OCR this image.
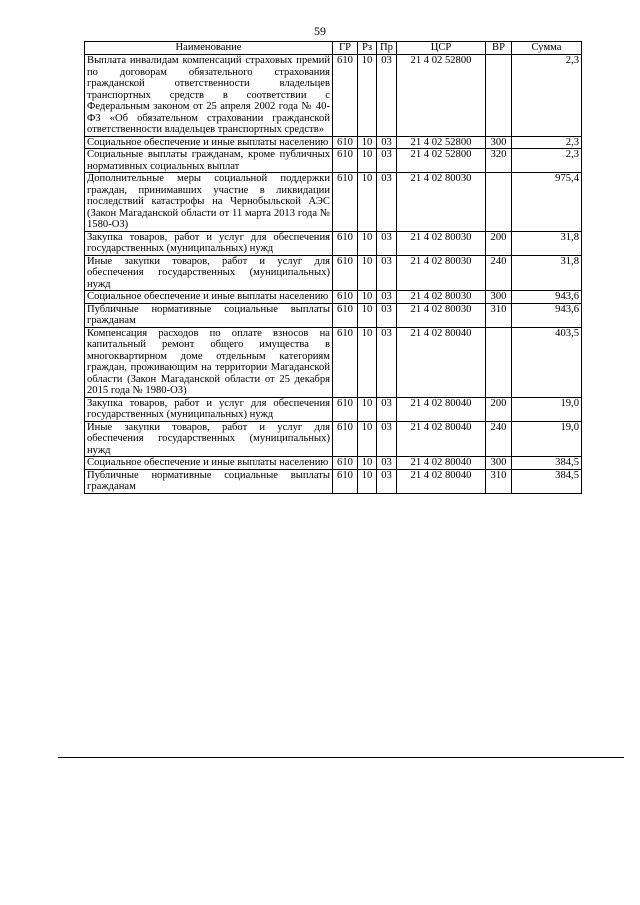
59
Наименование	ГР	Рз	Пр	ЦСР	ВР	Сумма
Выплата инвалидам компенсаций страховых премий по договорам обязательного страхования гражданской ответственности владельцев транспортных средств в соответствии с Федеральным законом от 25 апреля 2002 года № 40-ФЗ «Об обязательном страховании гражданской ответственности владельцев транспортных средств»	610	10	03	21 4 02 52800		2,3
Социальное обеспечение и иные выплаты населению	610	10	03	21 4 02 52800	300	2,3
Социальные выплаты гражданам, кроме публичных нормативных социальных выплат	610	10	03	21 4 02 52800	320	2,3
Дополнительные меры социальной поддержки граждан, принимавших участие в ликвидации последствий катастрофы на Чернобыльской АЭС (Закон Магаданской области от 11 марта 2013 года № 1580-ОЗ)	610	10	03	21 4 02 80030		975,4
Закупка товаров, работ и услуг для обеспечения государственных (муниципальных) нужд	610	10	03	21 4 02 80030	200	31,8
Иные закупки товаров, работ и услуг для обеспечения государственных (муниципальных) нужд	610	10	03	21 4 02 80030	240	31,8
Социальное обеспечение и иные выплаты населению	610	10	03	21 4 02 80030	300	943,6
Публичные нормативные социальные выплаты гражданам	610	10	03	21 4 02 80030	310	943,6
Компенсация расходов по оплате взносов на капитальный ремонт общего имущества в многоквартирном доме отдельным категориям граждан, проживающим на территории Магаданской области (Закон Магаданской области от 25 декабря 2015 года № 1980-ОЗ)	610	10	03	21 4 02 80040		403,5
Закупка товаров, работ и услуг для обеспечения государственных (муниципальных) нужд	610	10	03	21 4 02 80040	200	19,0
Иные закупки товаров, работ и услуг для обеспечения государственных (муниципальных) нужд	610	10	03	21 4 02 80040	240	19,0
Социальное обеспечение и иные выплаты населению	610	10	03	21 4 02 80040	300	384,5
Публичные нормативные социальные выплаты гражданам	610	10	03	21 4 02 80040	310	384,5
